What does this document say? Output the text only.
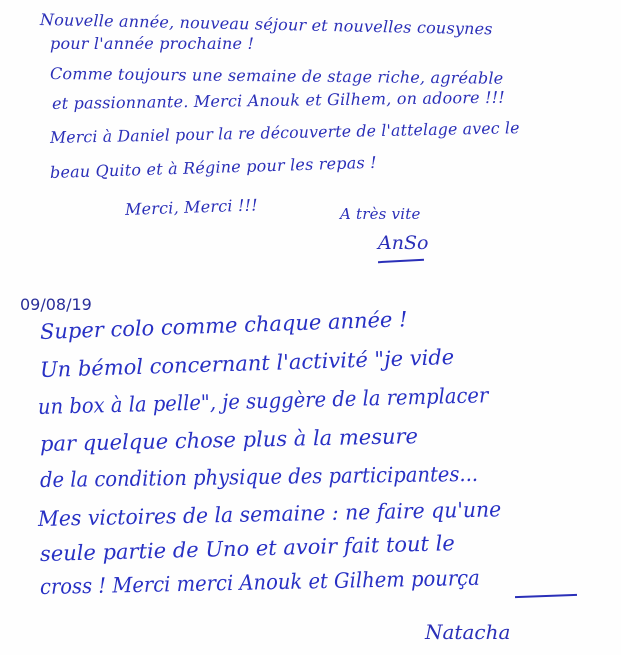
Nouvelle année, nouveau séjour et nouvelles cousynes
pour l'année prochaine !
Comme toujours une semaine de stage riche, agréable
et passionnante. Merci Anouk et Gilhem, on adoore !!!
Merci à Daniel pour la re découverte de l'attelage avec le
beau Quito et à Régine pour les repas !
Merci, Merci !!!	A très vite
AnSo
09/08/19
Super colo comme chaque année !
Un bémol concernant l'activité "je vide
un box à la pelle", je suggère de la remplacer
par quelque chose plus à la mesure
de la condition physique des participantes...
Mes victoires de la semaine : ne faire qu'une
seule partie de Uno et avoir fait tout le
cross ! Merci merci Anouk et Gilhem pourça
Natacha
